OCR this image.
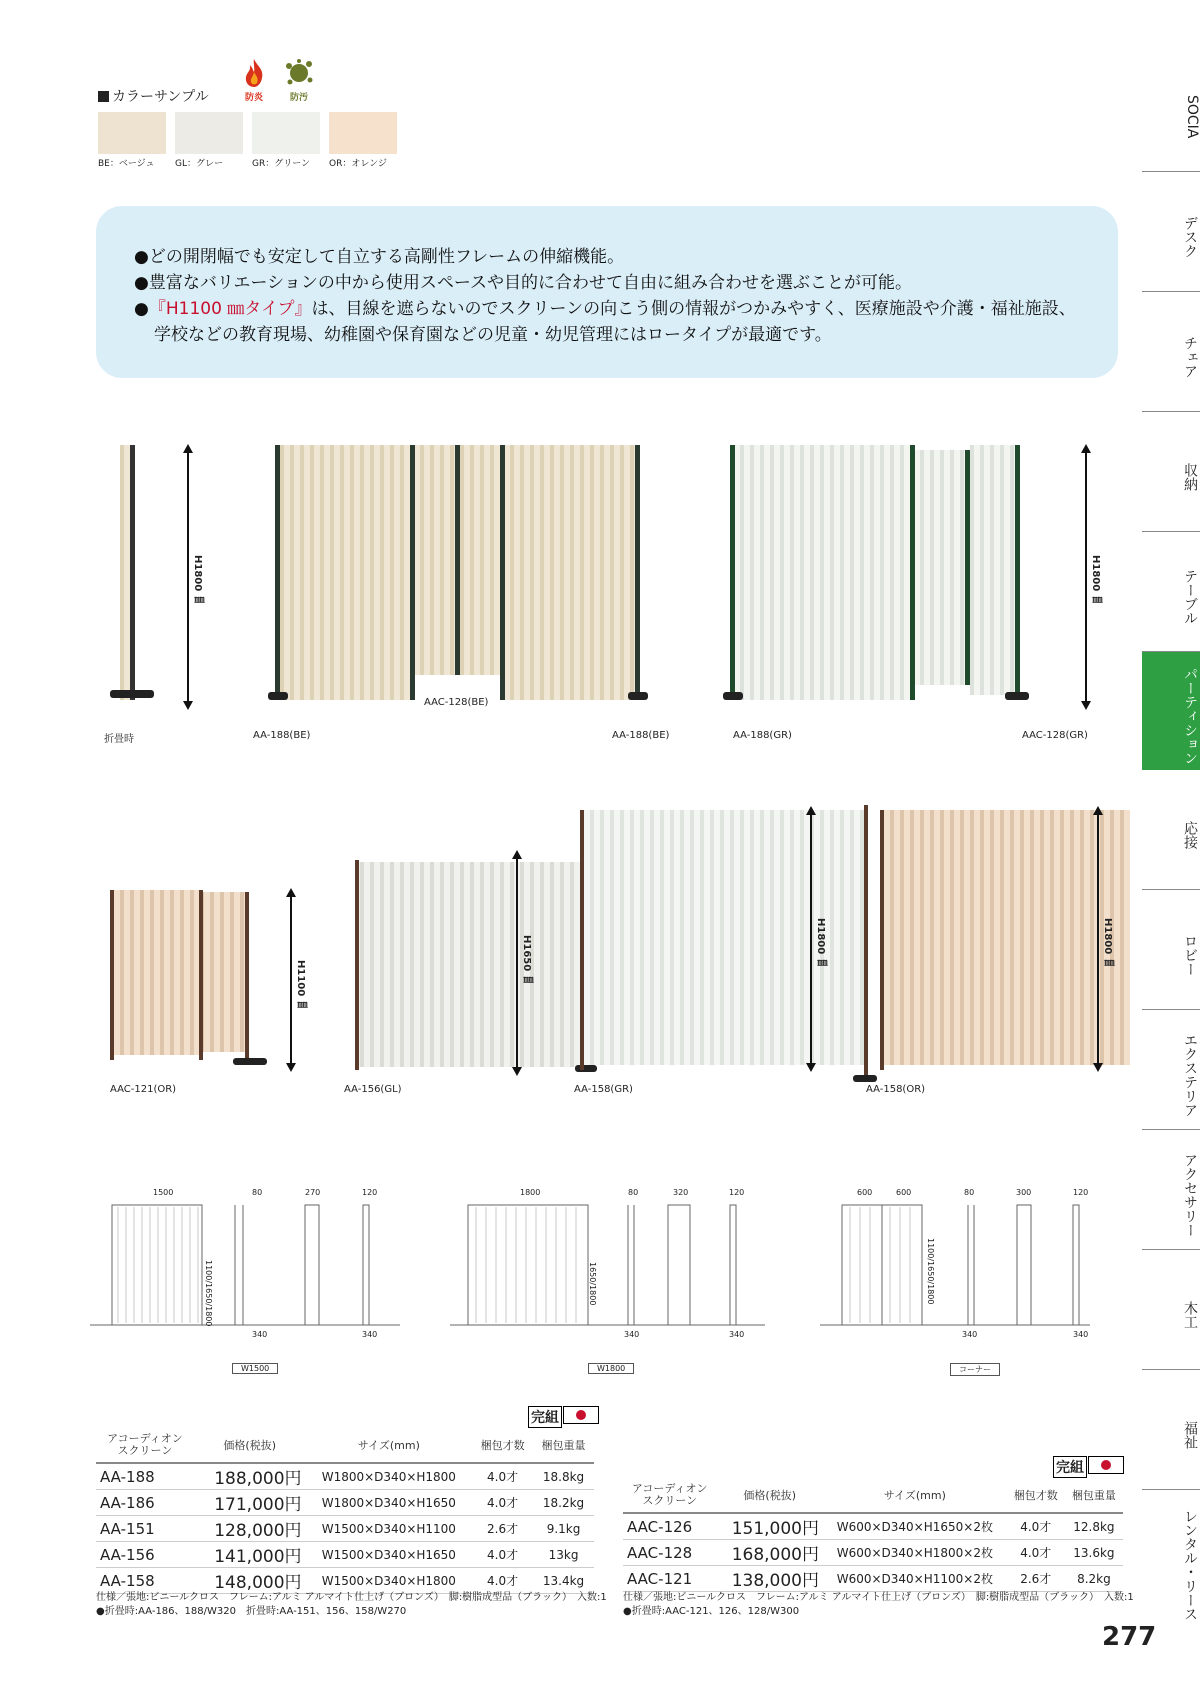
カラーサンプル	防炎	防汚
BE：ベージュ GL：グレー	GR：グリーン OR：オレンジ
●どの開閉幅でも安定して自立する高剛性フレームの伸縮機能。
●豊富なバリエーションの中から使用スペースや目的に合わせて自由に組み合わせを選ぶことが可能。
●『H1100 ㎜タイプ』は、目線を遮らないのでスクリーンの向こう側の情報がつかみやすく、医療施設や介護・福祉施設、
学校などの教育現場、幼稚園や保育園などの児童・幼児管理にはロータイプが最適です。
H1800 ㎜	H1800 ㎜
折畳時	AA-188(BE)
AAC-128(BE)
AA-188(BE)	AA-188(GR)	AAC-128(GR)
H1100 ㎜
H1650 ㎜	H1800 ㎜	H1800 ㎜
AAC-121(OR)	AA-156(GL)	AA-158(GR)	AA-158(OR)
1500
1100/1650/1800
80	270	120
340	340
W1500
1800
1650/1800
80	320	120
340	340
W1800
600	600
1100/1650/1800
80	300	120
340	340
コーナー
完組
アコーディオン
スクリーン	価格(税抜)	サイズ(mm)	梱包才数	梱包重量
AA-188	188,000円	W1800×D340×H1800	4.0才	18.8kg
AA-186	171,000円	W1800×D340×H1650	4.0才	18.2kg
AA-151	128,000円	W1500×D340×H1100	2.6才	9.1kg
AA-156	141,000円	W1500×D340×H1650	4.0才	13kg
AA-158	148,000円	W1500×D340×H1800	4.0才	13.4kg
仕様／張地:ビニールクロス　フレーム:アルミ アルマイト仕上げ（ブロンズ）　脚:樹脂成型品（ブラック）　入数:1
●折畳時:AA-186、188/W320　折畳時:AA-151、156、158/W270
完組
アコーディオン
スクリーン	価格(税抜)	サイズ(mm)	梱包才数	梱包重量
AAC-126	151,000円	W600×D340×H1650×2枚	4.0才	12.8kg
AAC-128	168,000円	W600×D340×H1800×2枚	4.0才	13.6kg
AAC-121	138,000円	W600×D340×H1100×2枚	2.6才	8.2kg
仕様／張地:ビニールクロス　フレーム:アルミ アルマイト仕上げ（ブロンズ）　脚:樹脂成型品（ブラック）　入数:1
●折畳時:AAC-121、126、128/W300
SOCIA
デスク
チェア
収納
テーブル
パーティション
応接
ロビー
エクステリア
アクセサリー
木工
福祉
レンタル・リース
277
